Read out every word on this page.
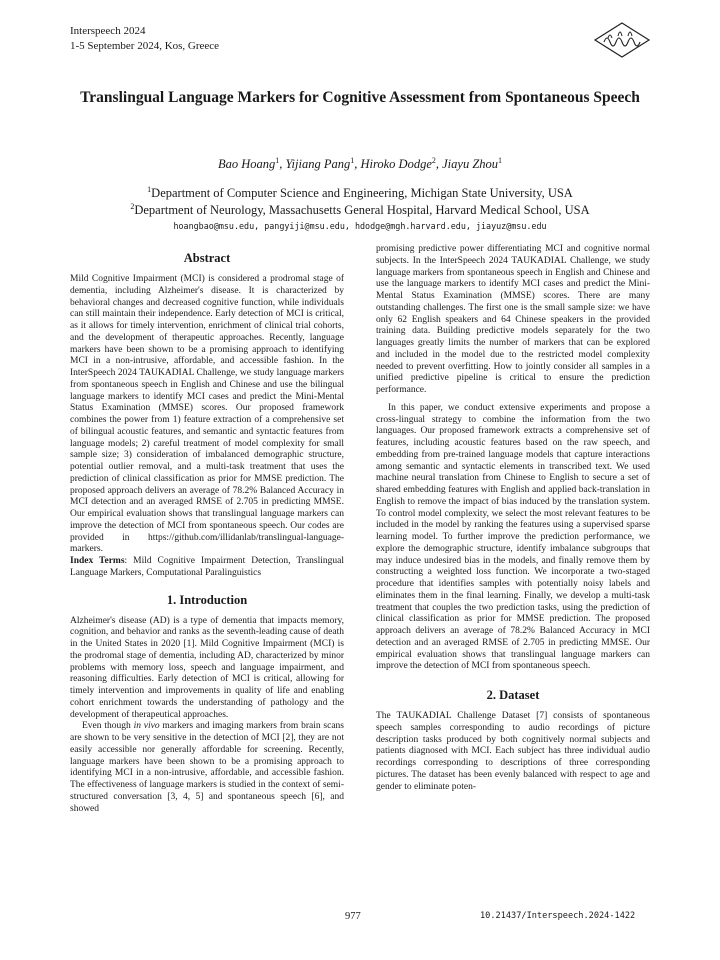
Interspeech 2024
1-5 September 2024, Kos, Greece
Translingual Language Markers for Cognitive Assessment from Spontaneous Speech
Bao Hoang$^1$, Yijiang Pang$^1$, Hiroko Dodge$^2$, Jiayu Zhou$^1$
$^1$Department of Computer Science and Engineering, Michigan State University, USA
$^2$Department of Neurology, Massachusetts General Hospital, Harvard Medical School, USA
hoangbao@msu.edu, pangyiji@msu.edu, hdodge@mgh.harvard.edu, jiayuz@msu.edu
Abstract

Mild Cognitive Impairment (MCI) is considered a prodromal stage of dementia, including Alzheimer's disease. It is characterized by behavioral changes and decreased cognitive function, while individuals can still maintain their independence. Early detection of MCI is critical, as it allows for timely intervention, enrichment of clinical trial cohorts, and the development of therapeutic approaches. Recently, language markers have been shown to be a promising approach to identifying MCI in a non-intrusive, affordable, and accessible fashion. In the InterSpeech 2024 TAUKADIAL Challenge, we study language markers from spontaneous speech in English and Chinese and use the bilingual language markers to identify MCI cases and predict the Mini-Mental Status Examination (MMSE) scores. Our proposed framework combines the power from 1) feature extraction of a comprehensive set of bilingual acoustic features, and semantic and syntactic features from language models; 2) careful treatment of model complexity for small sample size; 3) consideration of imbalanced demographic structure, potential outlier removal, and a multi-task treatment that uses the prediction of clinical classification as prior for MMSE prediction. The proposed approach delivers an average of 78.2% Balanced Accuracy in MCI detection and an averaged RMSE of 2.705 in predicting MMSE. Our empirical evaluation shows that translingual language markers can improve the detection of MCI from spontaneous speech. Our codes are provided in https://github.com/illidanlab/translingual-language-markers.

Index Terms: Mild Cognitive Impairment Detection, Translingual Language Markers, Computational Paralinguistics

1. Introduction

Alzheimer's disease (AD) is a type of dementia that impacts memory, cognition, and behavior and ranks as the seventh-leading cause of death in the United States in 2020 [1]. Mild Cognitive Impairment (MCI) is the prodromal stage of dementia, including AD, characterized by minor problems with memory loss, speech and language impairment, and reasoning difficulties. Early detection of MCI is critical, allowing for timely intervention and improvements in quality of life and enabling cohort enrichment towards the understanding of pathology and the development of therapeutical approaches.

Even though in vivo markers and imaging markers from brain scans are shown to be very sensitive in the detection of MCI [2], they are not easily accessible nor generally affordable for screening. Recently, language markers have been shown to be a promising approach to identifying MCI in a non-intrusive, affordable, and accessible fashion. The effectiveness of language markers is studied in the context of semi-structured conversation [3, 4, 5] and spontaneous speech [6], and showed

promising predictive power differentiating MCI and cognitive normal subjects. In the InterSpeech 2024 TAUKADIAL Challenge, we study language markers from spontaneous speech in English and Chinese and use the language markers to identify MCI cases and predict the Mini-Mental Status Examination (MMSE) scores. There are many outstanding challenges. The first one is the small sample size: we have only 62 English speakers and 64 Chinese speakers in the provided training data. Building predictive models separately for the two languages greatly limits the number of markers that can be explored and included in the model due to the restricted model complexity needed to prevent overfitting. How to jointly consider all samples in a unified predictive pipeline is critical to ensure the prediction performance.

In this paper, we conduct extensive experiments and propose a cross-lingual strategy to combine the information from the two languages. Our proposed framework extracts a comprehensive set of features, including acoustic features based on the raw speech, and embedding from pre-trained language models that capture interactions among semantic and syntactic elements in transcribed text. We used machine neural translation from Chinese to English to secure a set of shared embedding features with English and applied back-translation in English to remove the impact of bias induced by the translation system. To control model complexity, we select the most relevant features to be included in the model by ranking the features using a supervised sparse learning model. To further improve the prediction performance, we explore the demographic structure, identify imbalance subgroups that may induce undesired bias in the models, and finally remove them by constructing a weighted loss function. We incorporate a two-staged procedure that identifies samples with potentially noisy labels and eliminates them in the final learning. Finally, we develop a multi-task treatment that couples the two prediction tasks, using the prediction of clinical classification as prior for MMSE prediction. The proposed approach delivers an average of 78.2% Balanced Accuracy in MCI detection and an averaged RMSE of 2.705 in predicting MMSE. Our empirical evaluation shows that translingual language markers can improve the detection of MCI from spontaneous speech.

2. Dataset

The TAUKADIAL Challenge Dataset [7] consists of spontaneous speech samples corresponding to audio recordings of picture description tasks produced by both cognitively normal subjects and patients diagnosed with MCI. Each subject has three individual audio recordings corresponding to descriptions of three corresponding pictures. The dataset has been evenly balanced with respect to age and gender to eliminate poten-

977	10.21437/Interspeech.2024-1422
